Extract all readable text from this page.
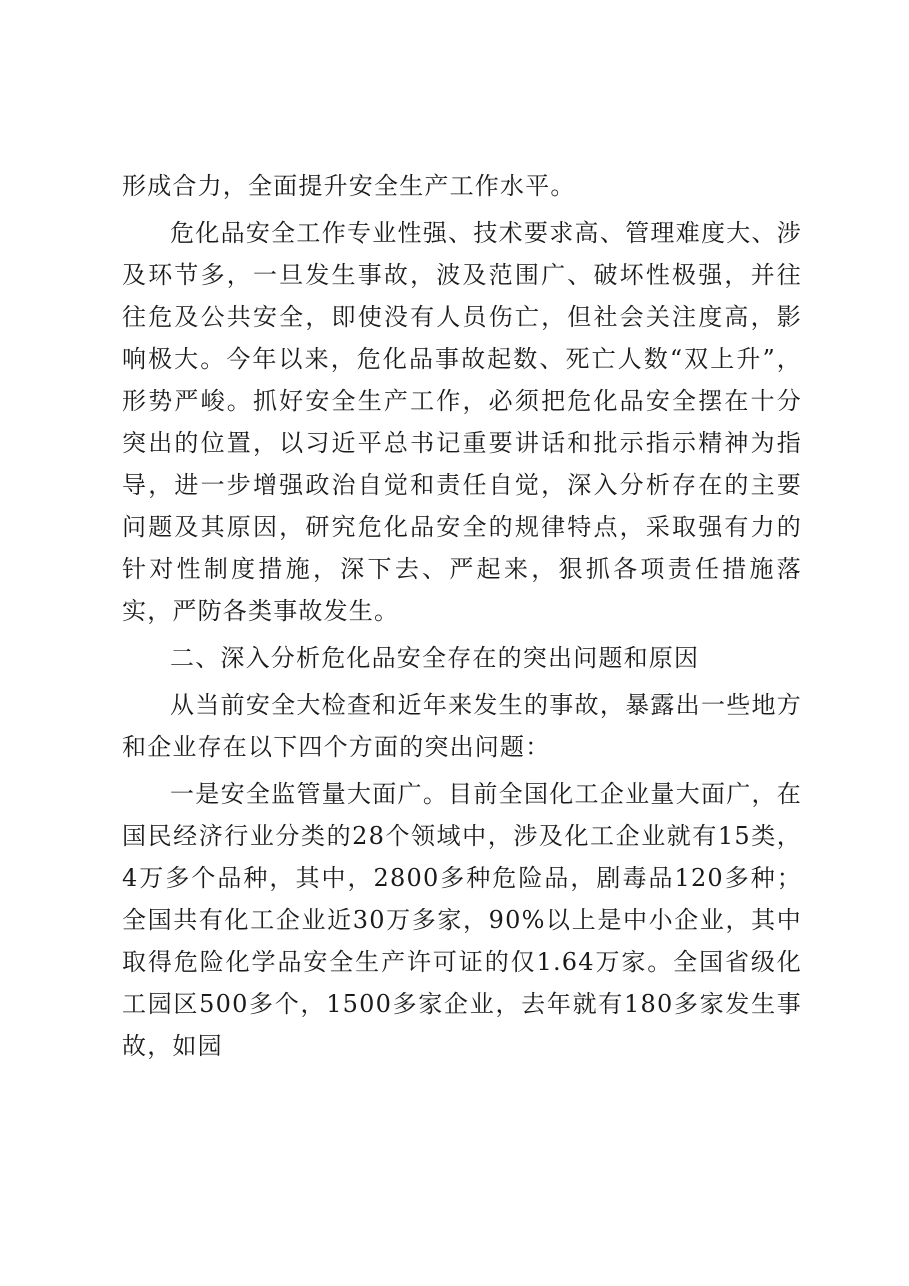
形成合力，全面提升安全生产工作水平。

危化品安全工作专业性强、技术要求高、管理难度大、涉及环节多，一旦发生事故，波及范围广、破坏性极强，并往往危及公共安全，即使没有人员伤亡，但社会关注度高，影响极大。今年以来，危化品事故起数、死亡人数“双上升”，形势严峻。抓好安全生产工作，必须把危化品安全摆在十分突出的位置，以习近平总书记重要讲话和批示指示精神为指导，进一步增强政治自觉和责任自觉，深入分析存在的主要问题及其原因，研究危化品安全的规律特点，采取强有力的针对性制度措施，深下去、严起来，狠抓各项责任措施落实，严防各类事故发生。

二、深入分析危化品安全存在的突出问题和原因

从当前安全大检查和近年来发生的事故，暴露出一些地方和企业存在以下四个方面的突出问题：

一是安全监管量大面广。目前全国化工企业量大面广，在国民经济行业分类的28个领域中，涉及化工企业就有15类，4万多个品种，其中，2800多种危险品，剧毒品120多种；全国共有化工企业近30万多家，90%以上是中小企业，其中取得危险化学品安全生产许可证的仅1.64万家。全国省级化工园区500多个，1500多家企业，去年就有180多家发生事故，如园
